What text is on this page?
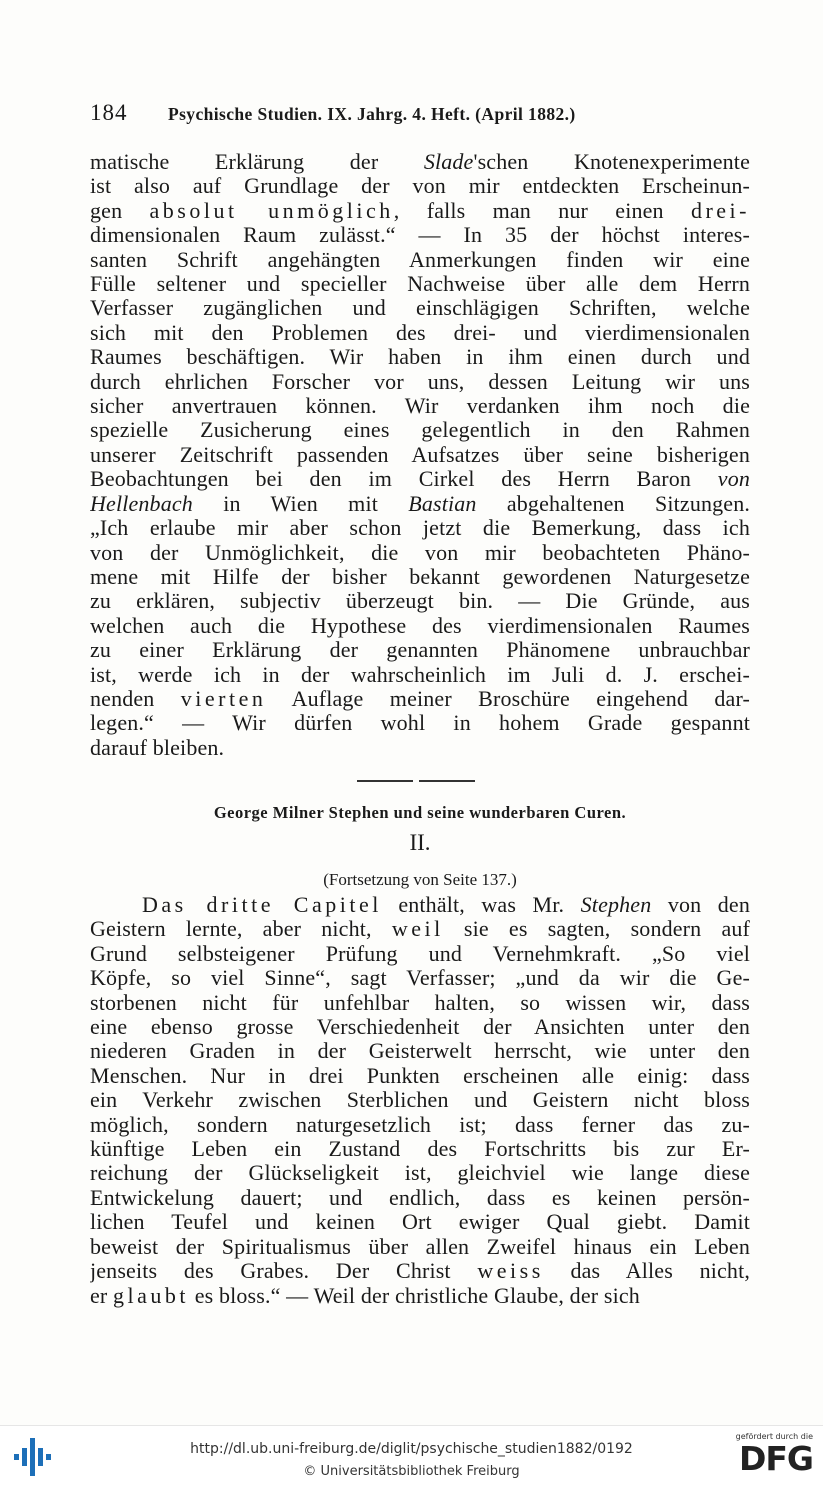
184	Psychische Studien. IX. Jahrg. 4. Heft. (April 1882.)
matische Erklärung der Slade'schen Knotenexperimente
ist also auf Grundlage der von mir entdeckten Erscheinun-
gen absolut unmöglich, falls man nur einen drei-
dimensionalen Raum zulässt.“ — In 35 der höchst interes-
santen Schrift angehängten Anmerkungen finden wir eine
Fülle seltener und specieller Nachweise über alle dem Herrn
Verfasser zugänglichen und einschlägigen Schriften, welche
sich mit den Problemen des drei- und vierdimensionalen
Raumes beschäftigen. Wir haben in ihm einen durch und
durch ehrlichen Forscher vor uns, dessen Leitung wir uns
sicher anvertrauen können. Wir verdanken ihm noch die
spezielle Zusicherung eines gelegentlich in den Rahmen
unserer Zeitschrift passenden Aufsatzes über seine bisherigen
Beobachtungen bei den im Cirkel des Herrn Baron von
Hellenbach in Wien mit Bastian abgehaltenen Sitzungen.
„Ich erlaube mir aber schon jetzt die Bemerkung, dass ich
von der Unmöglichkeit, die von mir beobachteten Phäno-
mene mit Hilfe der bisher bekannt gewordenen Naturgesetze
zu erklären, subjectiv überzeugt bin. — Die Gründe, aus
welchen auch die Hypothese des vierdimensionalen Raumes
zu einer Erklärung der genannten Phänomene unbrauchbar
ist, werde ich in der wahrscheinlich im Juli d. J. erschei-
nenden vierten Auflage meiner Broschüre eingehend dar-
legen.“ — Wir dürfen wohl in hohem Grade gespannt
darauf bleiben.
George Milner Stephen und seine wunderbaren Curen.
II.
(Fortsetzung von Seite 137.)
Das dritte Capitel enthält, was Mr. Stephen von den
Geistern lernte, aber nicht, weil sie es sagten, sondern auf
Grund selbsteigener Prüfung und Vernehmkraft. „So viel
Köpfe, so viel Sinne“, sagt Verfasser; „und da wir die Ge-
storbenen nicht für unfehlbar halten, so wissen wir, dass
eine ebenso grosse Verschiedenheit der Ansichten unter den
niederen Graden in der Geisterwelt herrscht, wie unter den
Menschen. Nur in drei Punkten erscheinen alle einig: dass
ein Verkehr zwischen Sterblichen und Geistern nicht bloss
möglich, sondern naturgesetzlich ist; dass ferner das zu-
künftige Leben ein Zustand des Fortschritts bis zur Er-
reichung der Glückseligkeit ist, gleichviel wie lange diese
Entwickelung dauert; und endlich, dass es keinen persön-
lichen Teufel und keinen Ort ewiger Qual giebt. Damit
beweist der Spiritualismus über allen Zweifel hinaus ein Leben
jenseits des Grabes. Der Christ weiss das Alles nicht,
er glaubt es bloss.“ — Weil der christliche Glaube, der sich
http://dl.ub.uni-freiburg.de/diglit/psychische_studien1882/0192
© Universitätsbibliothek Freiburg
gefördert durch die
DFG
